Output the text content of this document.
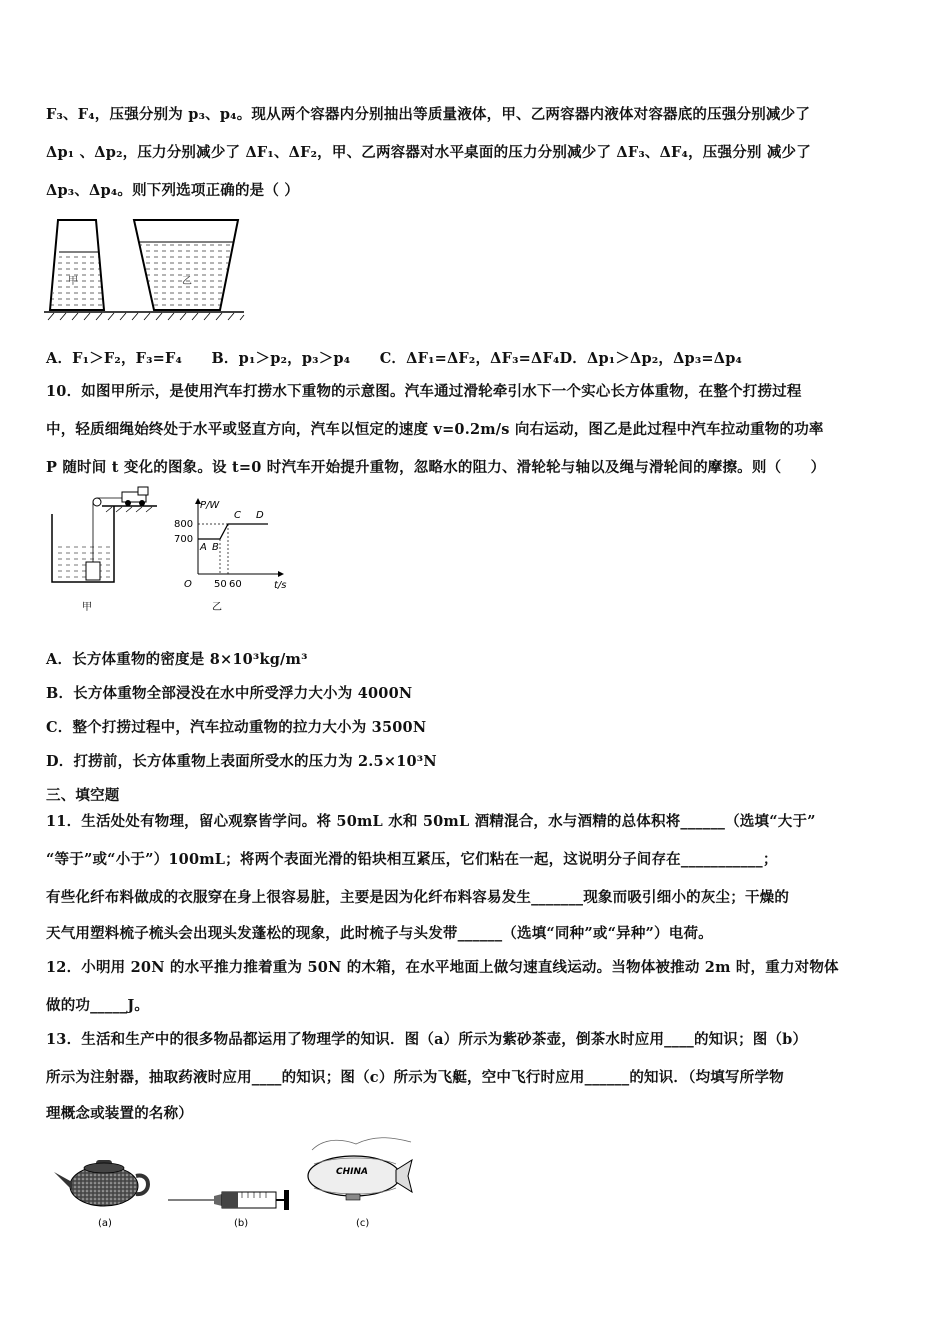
F₃、F₄，压强分别为 p₃、p₄。现从两个容器内分别抽出等质量液体，甲、乙两容器内液体对容器底的压强分别减少了
Δp₁ 、Δp₂，压力分别减少了 ΔF₁、ΔF₂，甲、乙两容器对水平桌面的压力分别减少了 ΔF₃、ΔF₄，压强分别 减少了
Δp₃、Δp₄。则下列选项正确的是（ ）
甲	乙
A．F₁＞F₂，F₃=F₄　　B．p₁＞p₂，p₃＞p₄　　C．ΔF₁=ΔF₂，ΔF₃=ΔF₄D．Δp₁＞Δp₂，Δp₃=Δp₄
10．如图甲所示，是使用汽车打捞水下重物的示意图。汽车通过滑轮牵引水下一个实心长方体重物，在整个打捞过程
中，轻质细绳始终处于水平或竖直方向，汽车以恒定的速度 v=0.2m/s 向右运动，图乙是此过程中汽车拉动重物的功率
P 随时间 t 变化的图象。设 t=0 时汽车开始提升重物，忽略水的阻力、滑轮轮与轴以及绳与滑轮间的摩擦。则（　　）
甲
P/W
t/s
800
700
50 60
O
A B
C D
乙
A．长方体重物的密度是 8×10³kg/m³
B．长方体重物全部浸没在水中所受浮力大小为 4000N
C．整个打捞过程中，汽车拉动重物的拉力大小为 3500N
D．打捞前，长方体重物上表面所受水的压力为 2.5×10³N
三、填空题
11．生活处处有物理，留心观察皆学问。将 50mL 水和 50mL 酒精混合，水与酒精的总体积将______（选填“大于”
“等于”或“小于”）100mL；将两个表面光滑的铅块相互紧压，它们粘在一起，这说明分子间存在___________；
有些化纤布料做成的衣服穿在身上很容易脏，主要是因为化纤布料容易发生_______现象而吸引细小的灰尘；干燥的
天气用塑料梳子梳头会出现头发蓬松的现象，此时梳子与头发带______（选填“同种”或“异种”）电荷。
12．小明用 20N 的水平推力推着重为 50N 的木箱，在水平地面上做匀速直线运动。当物体被推动 2m 时，重力对物体
做的功_____J。
13．生活和生产中的很多物品都运用了物理学的知识．图（a）所示为紫砂茶壶，倒茶水时应用____的知识；图（b）
所示为注射器，抽取药液时应用____的知识；图（c）所示为飞艇，空中飞行时应用______的知识．（均填写所学物
理概念或装置的名称）
(a)	(b)
CHINA
(c)
